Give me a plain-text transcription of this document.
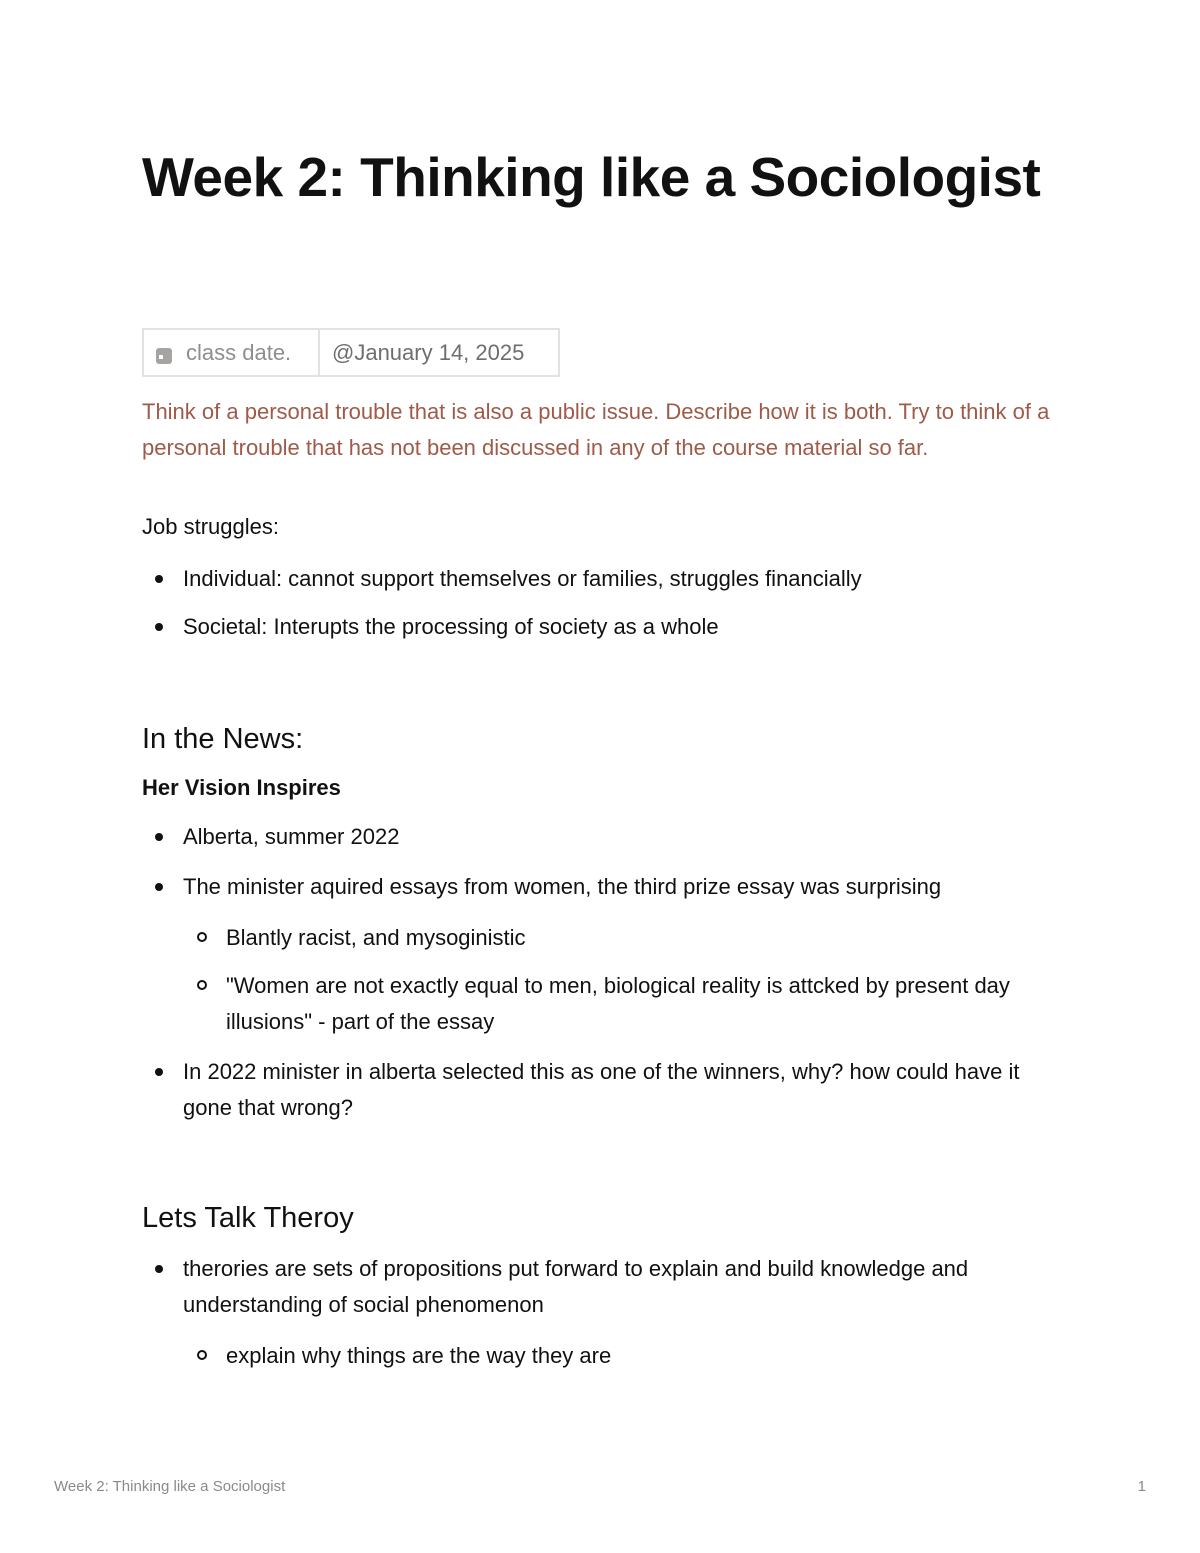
Week 2: Thinking like a Sociologist
class date. @January 14, 2025

Think of a personal trouble that is also a public issue. Describe how it is both. Try to think of a personal trouble that has not been discussed in any of the course material so far.

Job struggles:

Individual: cannot support themselves or families, struggles financially
Societal: Interupts the processing of society as a whole
In the News:
Her Vision Inspires
Alberta, summer 2022
The minister aquired essays from women, the third prize essay was surprising
Blantly racist, and mysoginistic
"Women are not exactly equal to men, biological reality is attcked by present day illusions" - part of the essay
In 2022 minister in alberta selected this as one of the winners, why? how could have it gone that wrong?
Lets Talk Theroy
therories are sets of propositions put forward to explain and build knowledge and understanding of social phenomenon
explain why things are the way they are
Week 2: Thinking like a Sociologist	1
